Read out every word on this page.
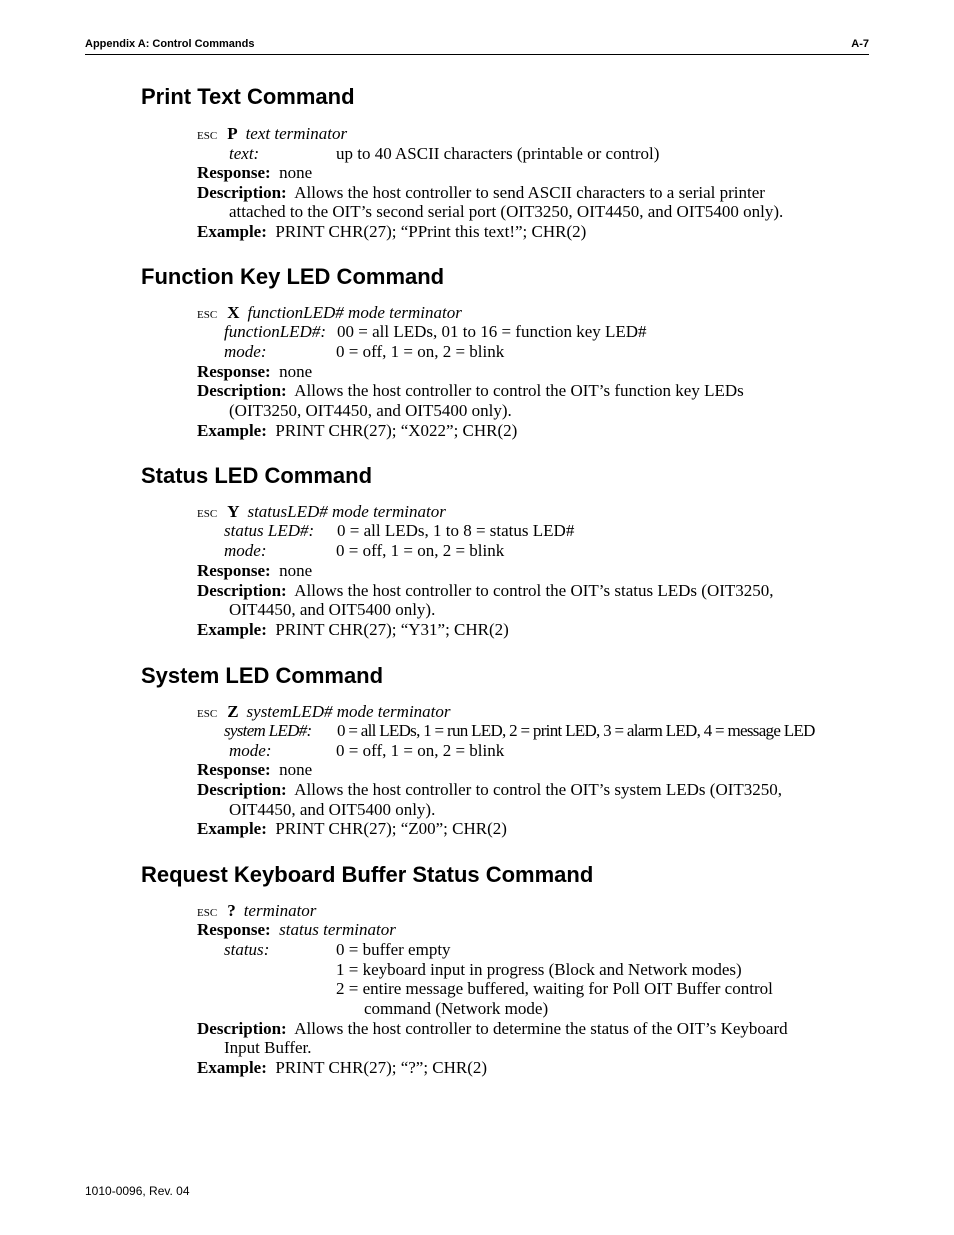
Appendix A: Control Commands	A-7
Print Text Command
ESC P text terminator
text:	up to 40 ASCII characters (printable or control)
Response: none
Description: Allows the host controller to send ASCII characters to a serial printer
attached to the OIT’s second serial port (OIT3250, OIT4450, and OIT5400 only).
Example: PRINT CHR(27); “PPrint this text!”; CHR(2)
Function Key LED Command
ESC X functionLED# mode terminator
functionLED#: 00 = all LEDs, 01 to 16 = function key LED#
mode:	0 = off, 1 = on, 2 = blink
Response: none
Description: Allows the host controller to control the OIT’s function key LEDs
(OIT3250, OIT4450, and OIT5400 only).
Example: PRINT CHR(27); “X022”; CHR(2)
Status LED Command
ESC Y statusLED# mode terminator
status LED#: 0 = all LEDs, 1 to 8 = status LED#
mode:	0 = off, 1 = on, 2 = blink
Response: none
Description: Allows the host controller to control the OIT’s status LEDs (OIT3250,
OIT4450, and OIT5400 only).
Example: PRINT CHR(27); “Y31”; CHR(2)
System LED Command
ESC Z systemLED# mode terminator
system LED#: 0 = all LEDs, 1 = run LED, 2 = print LED, 3 = alarm LED, 4 = message LED
mode:	0 = off, 1 = on, 2 = blink
Response: none
Description: Allows the host controller to control the OIT’s system LEDs (OIT3250,
OIT4450, and OIT5400 only).
Example: PRINT CHR(27); “Z00”; CHR(2)
Request Keyboard Buffer Status Command
ESC ? terminator
Response: status terminator
status:	0 = buffer empty
1 = keyboard input in progress (Block and Network modes)
2 = entire message buffered, waiting for Poll OIT Buffer control
command (Network mode)
Description: Allows the host controller to determine the status of the OIT’s Keyboard
Input Buffer.
Example: PRINT CHR(27); “?”; CHR(2)
1010-0096, Rev. 04
